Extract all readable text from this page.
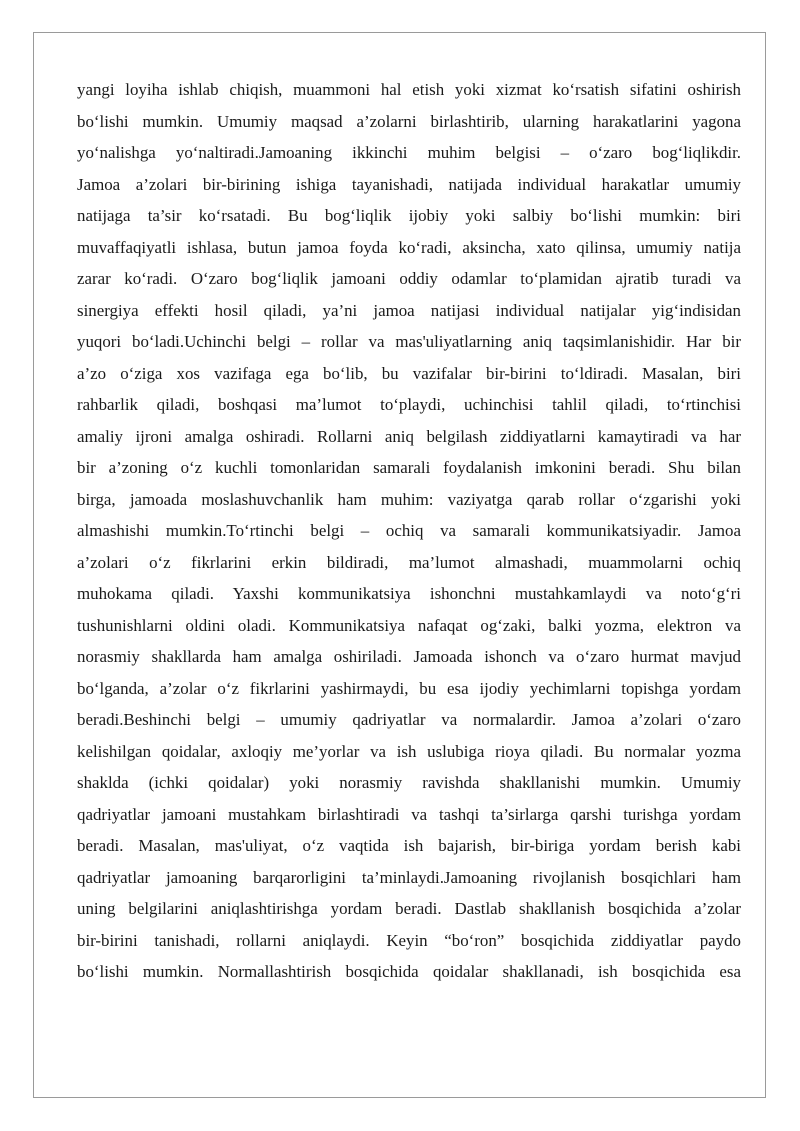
yangi loyiha ishlab chiqish, muammoni hal etish yoki xizmat ko‘rsatish sifatini oshirish
bo‘lishi mumkin. Umumiy maqsad a’zolarni birlashtirib, ularning harakatlarini yagona
yo‘nalishga yo‘naltiradi.Jamoaning ikkinchi muhim belgisi – o‘zaro bog‘liqlikdir.
Jamoa a’zolari bir-birining ishiga tayanishadi, natijada individual harakatlar umumiy
natijaga ta’sir ko‘rsatadi. Bu bog‘liqlik ijobiy yoki salbiy bo‘lishi mumkin: biri
muvaffaqiyatli ishlasa, butun jamoa foyda ko‘radi, aksincha, xato qilinsa, umumiy natija
zarar ko‘radi. O‘zaro bog‘liqlik jamoani oddiy odamlar to‘plamidan ajratib turadi va
sinergiya effekti hosil qiladi, ya’ni jamoa natijasi individual natijalar yig‘indisidan
yuqori bo‘ladi.Uchinchi belgi – rollar va mas'uliyatlarning aniq taqsimlanishidir. Har bir
a’zo o‘ziga xos vazifaga ega bo‘lib, bu vazifalar bir-birini to‘ldiradi. Masalan, biri
rahbarlik qiladi, boshqasi ma’lumot to‘playdi, uchinchisi tahlil qiladi, to‘rtinchisi
amaliy ijroni amalga oshiradi. Rollarni aniq belgilash ziddiyatlarni kamaytiradi va har
bir a’zoning o‘z kuchli tomonlaridan samarali foydalanish imkonini beradi. Shu bilan
birga, jamoada moslashuvchanlik ham muhim: vaziyatga qarab rollar o‘zgarishi yoki
almashishi mumkin.To‘rtinchi belgi – ochiq va samarali kommunikatsiyadir. Jamoa
a’zolari o‘z fikrlarini erkin bildiradi, ma’lumot almashadi, muammolarni ochiq
muhokama qiladi. Yaxshi kommunikatsiya ishonchni mustahkamlaydi va noto‘g‘ri
tushunishlarni oldini oladi. Kommunikatsiya nafaqat og‘zaki, balki yozma, elektron va
norasmiy shakllarda ham amalga oshiriladi. Jamoada ishonch va o‘zaro hurmat mavjud
bo‘lganda, a’zolar o‘z fikrlarini yashirmaydi, bu esa ijodiy yechimlarni topishga yordam
beradi.Beshinchi belgi – umumiy qadriyatlar va normalardir. Jamoa a’zolari o‘zaro
kelishilgan qoidalar, axloqiy me’yorlar va ish uslubiga rioya qiladi. Bu normalar yozma
shaklda (ichki qoidalar) yoki norasmiy ravishda shakllanishi mumkin. Umumiy
qadriyatlar jamoani mustahkam birlashtiradi va tashqi ta’sirlarga qarshi turishga yordam
beradi. Masalan, mas'uliyat, o‘z vaqtida ish bajarish, bir-biriga yordam berish kabi
qadriyatlar jamoaning barqarorligini ta’minlaydi.Jamoaning rivojlanish bosqichlari ham
uning belgilarini aniqlashtirishga yordam beradi. Dastlab shakllanish bosqichida a’zolar
bir-birini tanishadi, rollarni aniqlaydi. Keyin “bo‘ron” bosqichida ziddiyatlar paydo
bo‘lishi mumkin. Normallashtirish bosqichida qoidalar shakllanadi, ish bosqichida esa
